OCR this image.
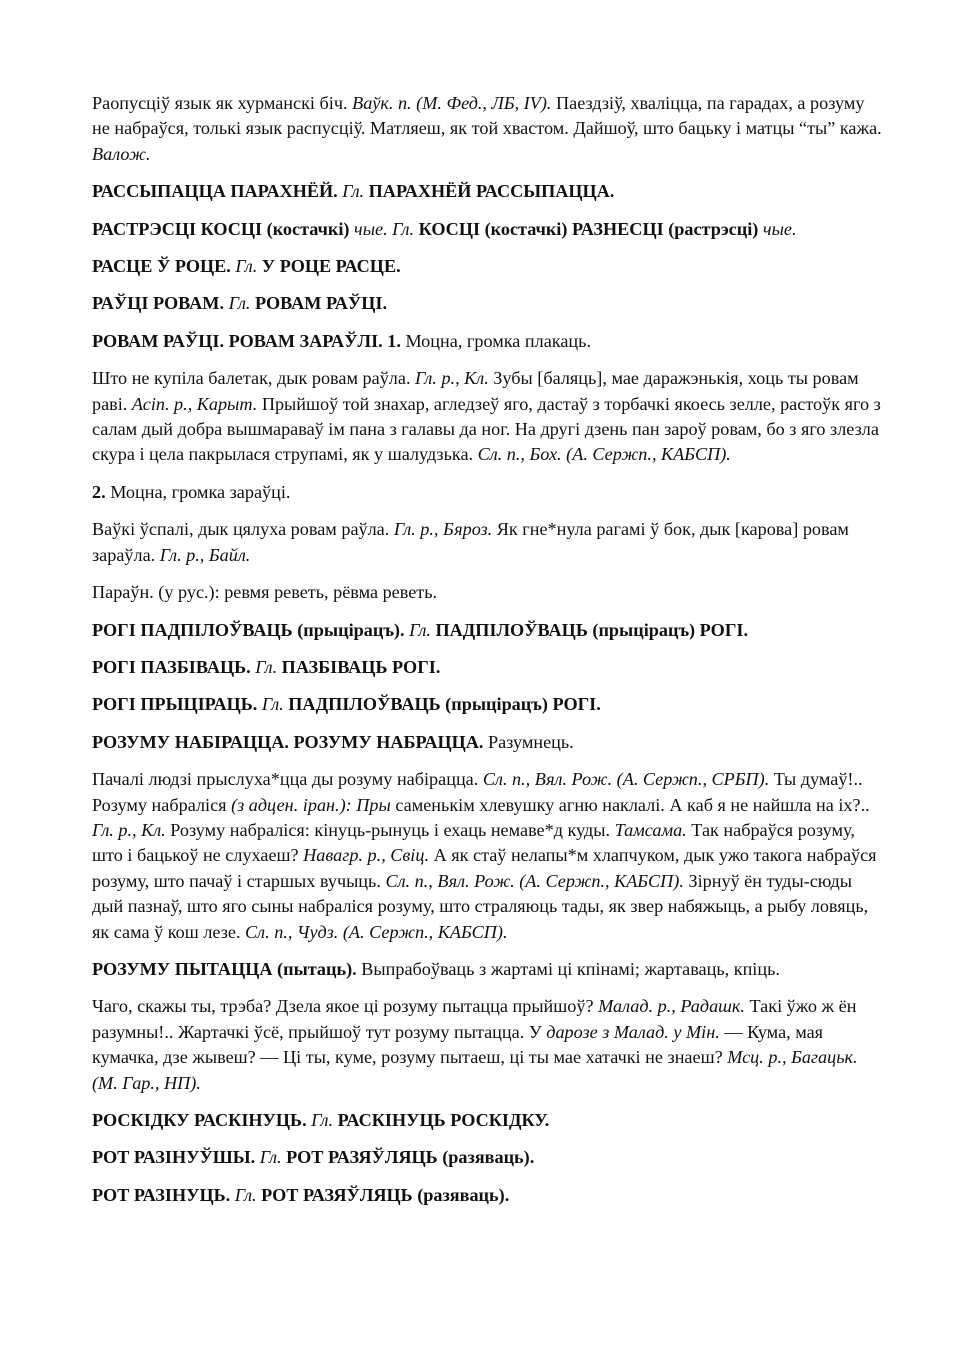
Раопусціў язык як хурманскі біч. Ваўк. п. (М. Фед., ЛБ, IV). Паездзіў, хваліцца, па гарадах, а розуму не набраўся, толькі язык распусціў. Матляеш, як той хвастом. Дайшоў, што бацьку і матцы “ты” кажа. Валож.

РАССЫПАЦЦА ПАРАХНЁЙ. Гл. ПАРАХНЁЙ РАССЫПАЦЦА.

РАСТРЭСЦІ КОСЦІ (костачкі) чые. Гл. КОСЦІ (костачкі) РАЗНЕСЦІ (растрэсці) чые.

РАСЦЕ Ў РОЦЕ. Гл. У РОЦЕ РАСЦЕ.

РАЎЦІ РОВАМ. Гл. РОВАМ РАЎЦІ.

РОВАМ РАЎЦІ. РОВАМ ЗАРАЎЛІ. 1. Моцна, громка плакаць.

Што не купіла балетак, дык ровам раўла. Гл. р., Кл. Зубы [баляць], мае даражэнькія, хоць ты ровам раві. Асіп. р., Карыт. Прыйшоў той знахар, агледзеў яго, дастаў з торбачкі якоесь зелле, растоўк яго з салам дый добра вышмараваў ім пана з галавы да ног. На другі дзень пан зароў ровам, бо з яго злезла скура і цела пакрылася струпамі, як у шалудзька. Сл. п., Бох. (А. Сержп., КАБСП).

2. Моцна, громка зараўці.

Ваўкі ўспалі, дык цялуха ровам раўла. Гл. р., Бяроз. Як гне*нула рагамі ў бок, дык [карова] ровам зараўла. Гл. р., Байл.

Параўн. (у рус.): ревмя реветь, рёвма реветь.

РОГІ ПАДПІЛОЎВАЦЬ (прыцірацъ). Гл. ПАДПІЛОЎВАЦЬ (прыцірацъ) РОГІ.

РОГІ ПАЗБІВАЦЬ. Гл. ПАЗБІВАЦЬ РОГІ.

РОГІ ПРЫЦІРАЦЬ. Гл. ПАДПІЛОЎВАЦЬ (прыцірацъ) РОГІ.

РОЗУМУ НАБІРАЦЦА. РОЗУМУ НАБРАЦЦА. Разумнець.

Пачалі людзі прыслуха*цца ды розуму набірацца. Сл. п., Вял. Рож. (А. Сержп., СРБП). Ты думаў!.. Розуму набраліся (з адцен. іран.): Пры саменькім хлевушку агню наклалі. А каб я не найшла на іх?.. Гл. р., Кл. Розуму набраліся: кінуць-рынуць і ехаць немаве*д куды. Тамсама. Так набраўся розуму, што і бацькоў не слухаеш? Навагр. р., Свіц. А як стаў нелапы*м хлапчуком, дык ужо такога набраўся розуму, што пачаў і старшых вучыць. Сл. п., Вял. Рож. (А. Сержп., КАБСП). Зірнуў ён туды-сюды дый пазнаў, што яго сыны набраліся розуму, што страляюць тады, як звер набяжыць, а рыбу ловяць, як сама ў кош лезе. Сл. п., Чудз. (А. Сержп., КАБСП).

РОЗУМУ ПЫТАЦЦА (пытаць). Выпрабоўваць з жартамі ці кпінамі; жартаваць, кпіць.

Чаго, скажы ты, трэба? Дзела якое ці розуму пытацца прыйшоў? Малад. р., Радашк. Такі ўжо ж ён разумны!.. Жартачкі ўсё, прыйшоў тут розуму пытацца. У дарозе з Малад. у Мін. — Кума, мая кумачка, дзе жывеш? — Ці ты, куме, розуму пытаеш, ці ты мае хатачкі не знаеш? Мсц. р., Багацьк. (М. Гар., НП).

РОСКІДКУ РАСКІНУЦЬ. Гл. РАСКІНУЦЬ РОСКІДКУ.

РОТ РАЗІНУЎШЫ. Гл. РОТ РАЗЯЎЛЯЦЬ (разяваць).

РОТ РАЗІНУЦЬ. Гл. РОТ РАЗЯЎЛЯЦЬ (разяваць).
